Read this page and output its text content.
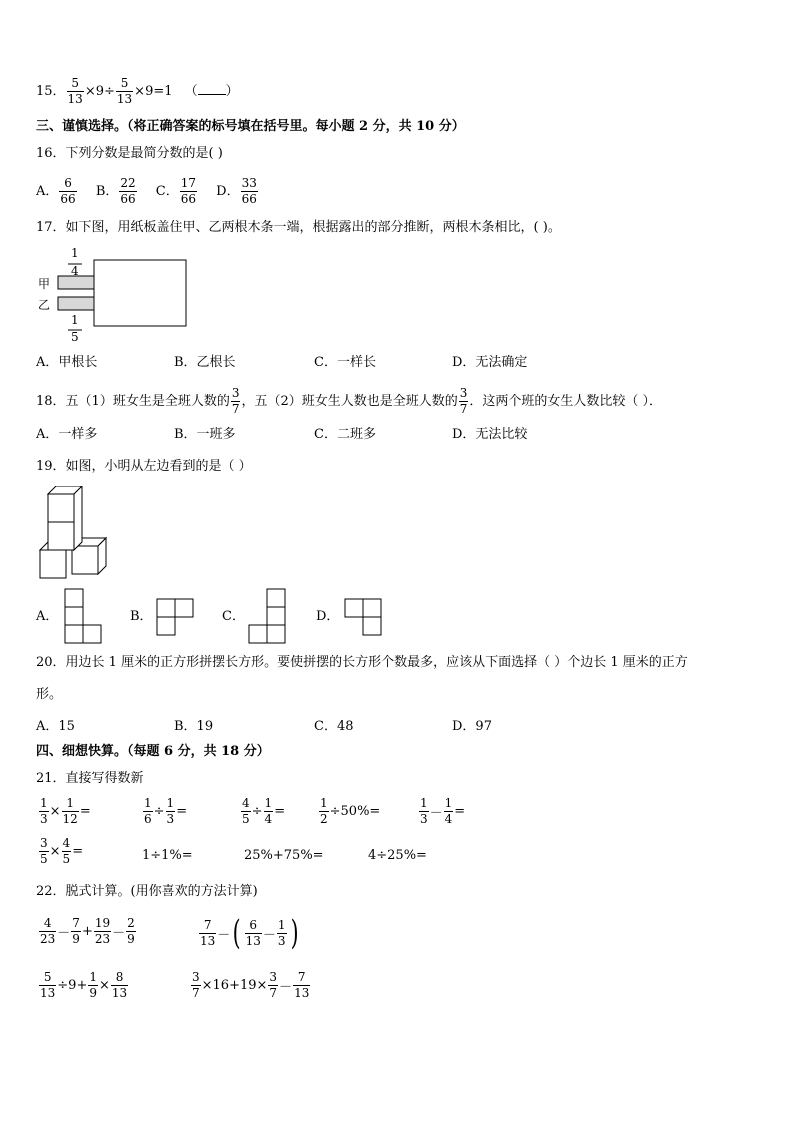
15． $\frac{5}{13} \times 9\div \frac{5}{13} \times 9=1$ （ ）
三、谨慎选择。（将正确答案的标号填在括号里。每小题 2 分，共 10 分）
16．下列分数是最简分数的是( )
A． $\frac{6}{66}$ B． $\frac{22}{66}$ C． $\frac{17}{66}$ D． $\frac{33}{66}$
17．如下图，用纸板盖住甲、乙两根木条一端，根据露出的部分推断，两根木条相比，( )。
1
4
甲
乙
1
5
A．甲根长	B．乙根长	C．一样长	D．无法确定
18．五（1）班女生是全班人数的 $\frac{3}{7}$ ，五（2）班女生人数也是全班人数的 $\frac{3}{7}$ ．这两个班的女生人数比较（ ）．
A．一样多	B．一班多	C．二班多	D．无法比较
19．如图，小明从左边看到的是（ ）
A．	B．	C．	D．
20．用边长 1 厘米的正方形拼摆长方形。要使拼摆的长方形个数最多，应该从下面选择（ ）个边长 1 厘米的正方
形。
A．15	B．19	C．48	D．97
四、细想快算。（每题 6 分，共 18 分）
21．直接写得数新
$\frac{1}{3} \times \frac{1}{12}$ =	$\frac{1}{6} \div \frac{1}{3}$ =	$\frac{4}{5} \div \frac{1}{4}$ =	$\frac{1}{2} \div 50\%=$	$\frac{1}{3} - \frac{1}{4}$ =
$\frac{3}{5} \times \frac{4}{5}$ =	1÷1%=	25%+75%=	4÷25%=
22．脱式计算。(用你喜欢的方法计算)
$\frac{4}{23} - \frac{7}{9} + \frac{19}{23} - \frac{2}{9}$	$\frac{7}{13}$ －( $\frac{6}{13} - \frac{1}{3}$ )
$\frac{5}{13} \div 9+ \frac{1}{9} \times \frac{8}{13}$	$\frac{3}{7} \times 16+19\times \frac{3}{7} - \frac{7}{13}$
